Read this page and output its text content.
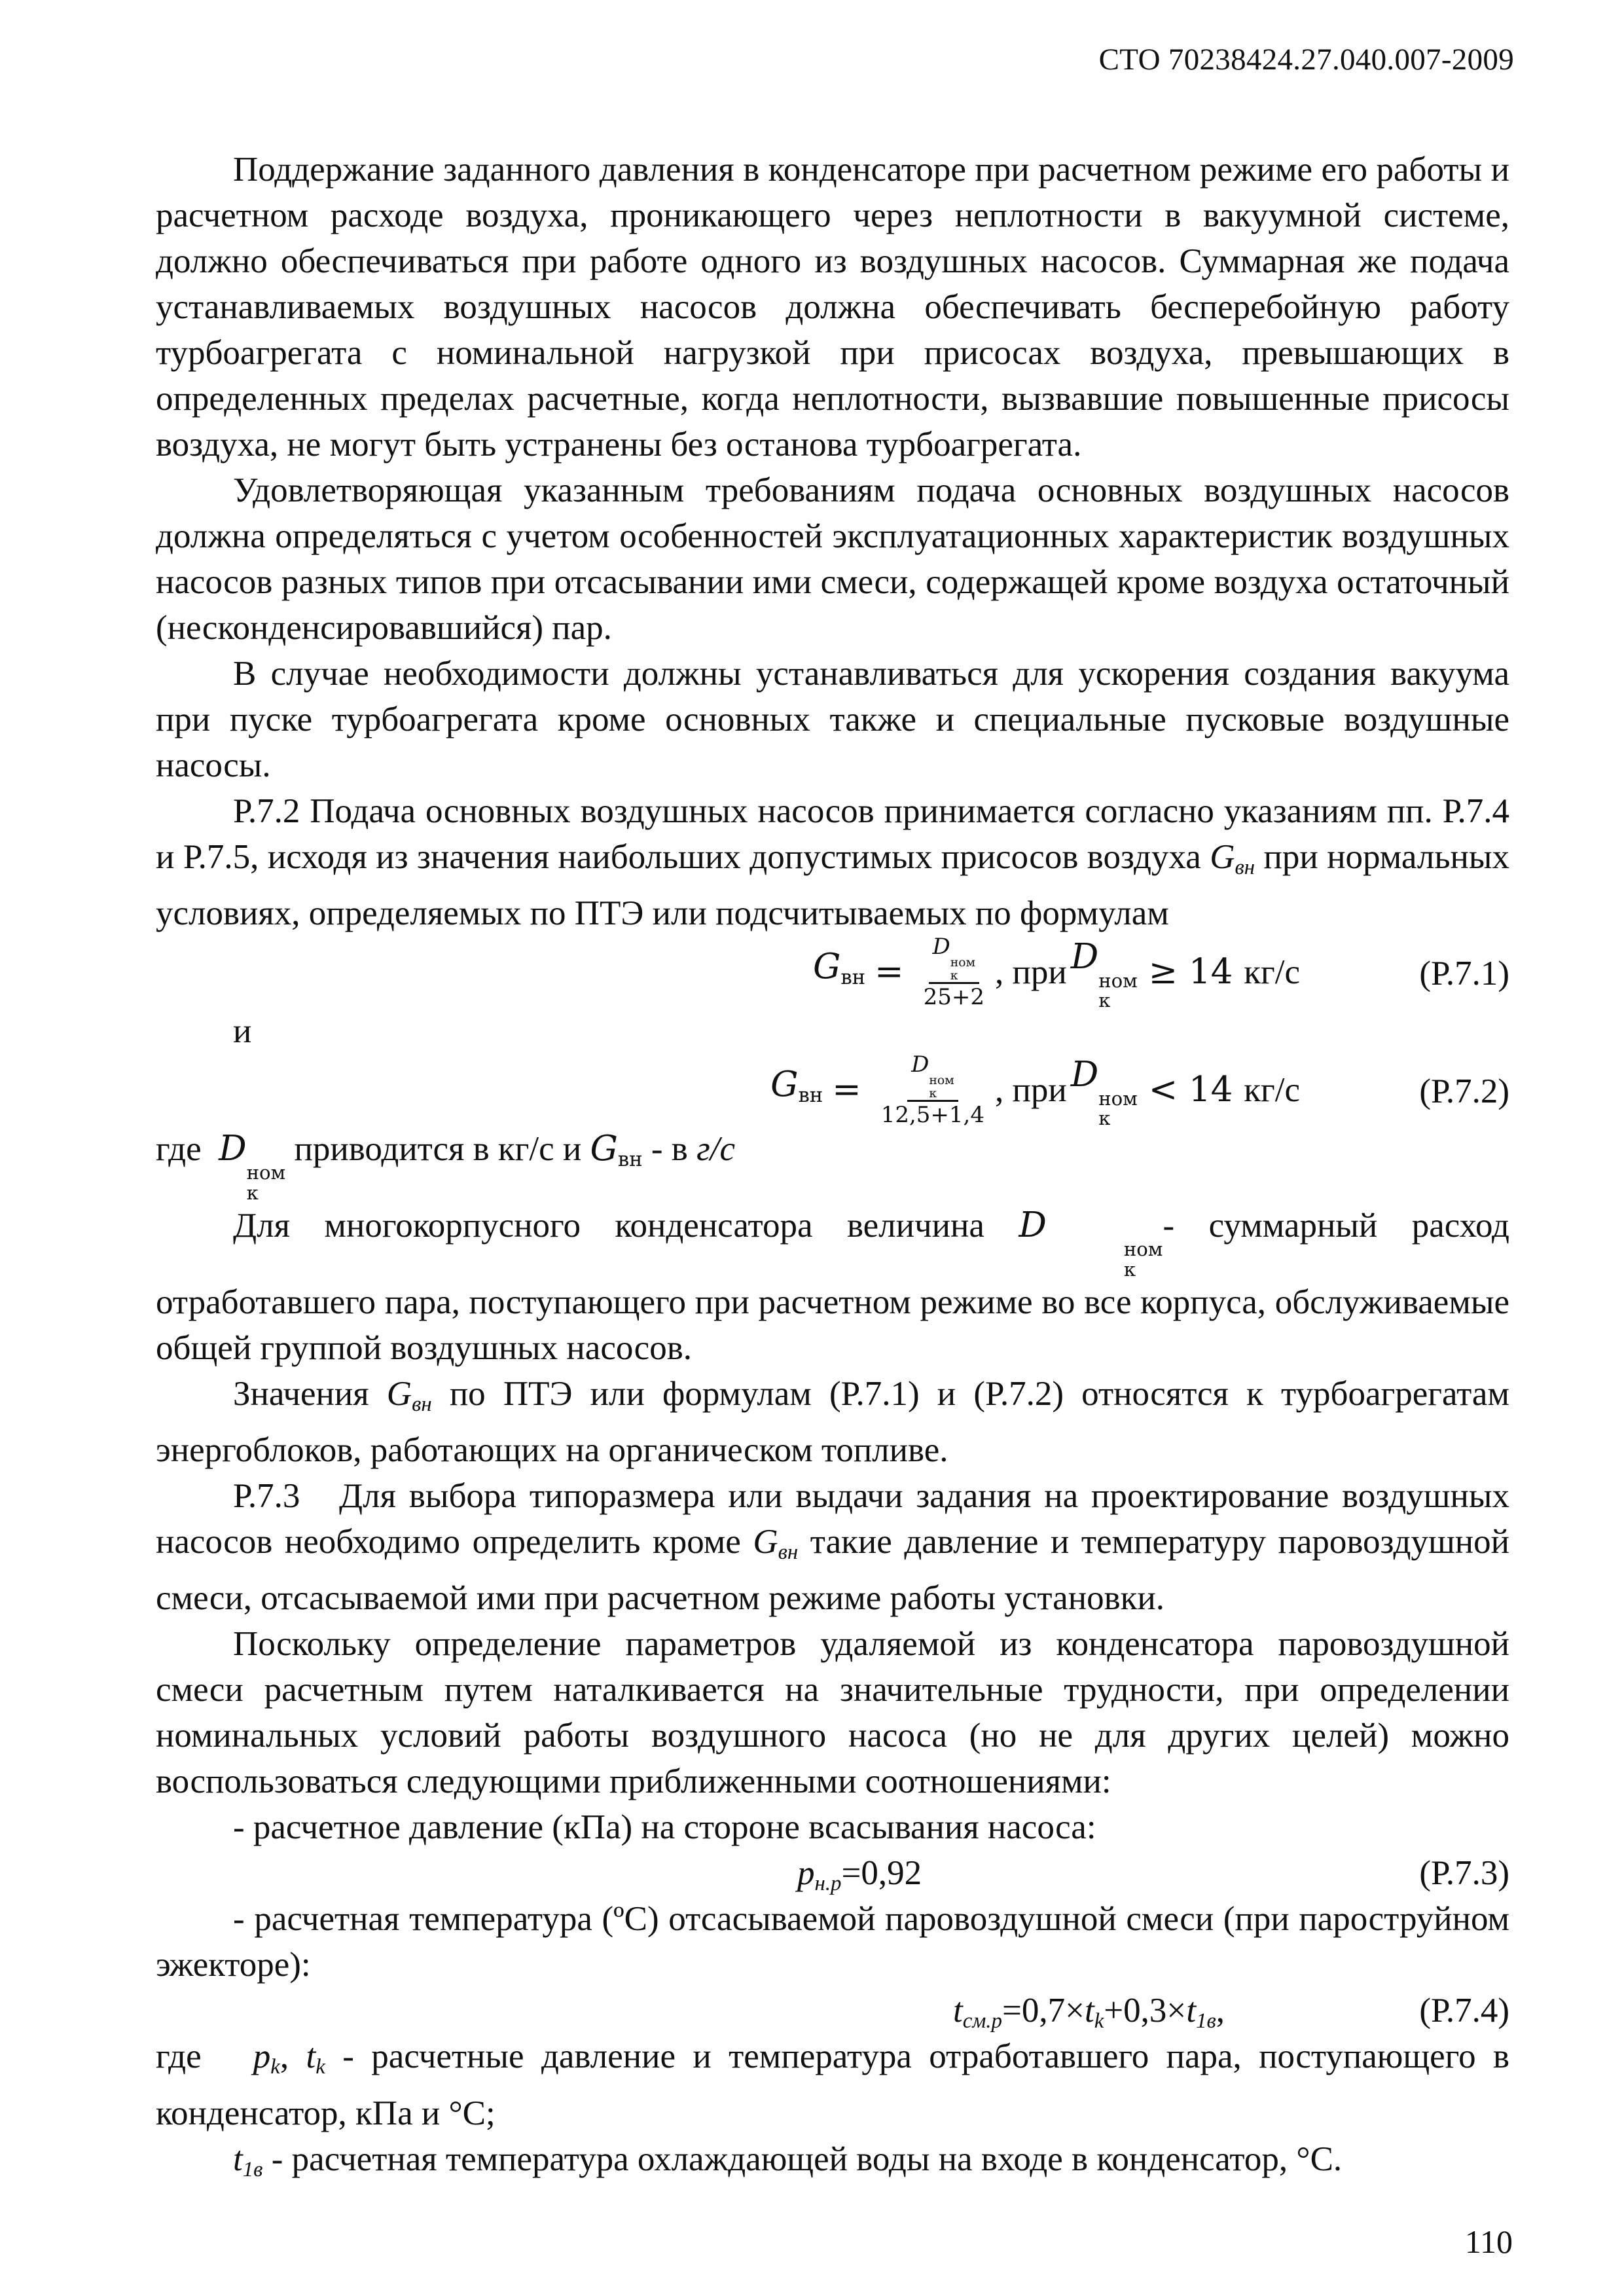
СТО 70238424.27.040.007-2009

Поддержание заданного давления в конденсаторе при расчетном режиме его работы и расчетном расходе воздуха, проникающего через неплотности в вакуумной системе, должно обеспечиваться при работе одного из воздушных насосов. Суммарная же подача устанавливаемых воздушных насосов должна обеспечивать бесперебойную работу турбоагрегата с номинальной нагрузкой при присосах воздуха, превышающих в определенных пределах расчетные, когда неплотности, вызвавшие повышенные присосы воздуха, не могут быть устранены без останова турбоагрегата.

Удовлетворяющая указанным требованиям подача основных воздушных насосов должна определяться с учетом особенностей эксплуатационных характеристик воздушных насосов разных типов при отсасывании ими смеси, содержащей кроме воздуха остаточный (несконденсировавшийся) пар.

В случае необходимости должны устанавливаться для ускорения создания вакуума при пуске турбоагрегата кроме основных также и специальные пусковые воздушные насосы.

Р.7.2 Подача основных воздушных насосов принимается согласно указаниям пп. Р.7.4 и Р.7.5, исходя из значения наибольших допустимых присосов воздуха $G_{вн}$ при нормальных условиях, определяемых по ПТЭ или подсчитываемых по формулам

Gвн = D
ном
к
25+2 , при D
ном
к
≥ 14 кг/с	(Р.7.1)

и

Gвн = D
ном
к
12,5+1,4 , при D
ном
к
< 14 кг/с	(Р.7.2)

где  D
ном
к
приводится в кг/с и Gвн - в г/с

Для многокорпусного конденсатора величина D
ном
к
- суммарный расход отработавшего пара, поступающего при расчетном режиме во все корпуса, обслуживаемые общей группой воздушных насосов.

Значения $G_{вн}$ по ПТЭ или формулам (Р.7.1) и (Р.7.2) относятся к турбоагрегатам энергоблоков, работающих на органическом топливе.

Р.7.3   Для выбора типоразмера или выдачи задания на проектирование воздушных насосов необходимо определить кроме $G_{вн}$ такие давление и температуру паровоздушной смеси, отсасываемой ими при расчетном режиме работы установки.

Поскольку определение параметров удаляемой из конденсатора паровоздушной смеси расчетным путем наталкивается на значительные трудности, при определении номинальных условий работы воздушного насоса (но не для других целей) можно воспользоваться следующими приближенными соотношениями:

- расчетное давление (кПа) на стороне всасывания насоса:

$p_{н.р}=0,92$	(Р.7.3)

- расчетная температура (ºС) отсасываемой паровоздушной смеси (при пароструйном эжекторе):

$t_{см.р}=0,7\times t_k+0,3\times t_{1в}$,	(Р.7.4)

где   $p_k$, $t_k$ - расчетные давление и температура отработавшего пара, поступающего в конденсатор, кПа и °С;

$t_{1в}$ - расчетная температура охлаждающей воды на входе в конденсатор, °С.

110
